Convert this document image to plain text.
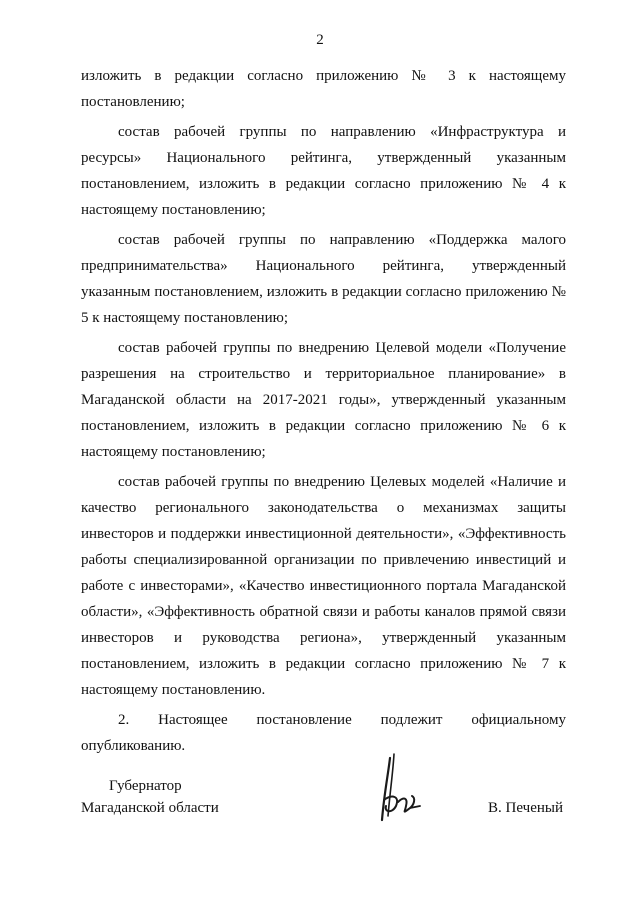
2

изложить в редакции согласно приложению № 3 к настоящему постановлению;

состав рабочей группы по направлению «Инфраструктура и ресурсы» Национального рейтинга, утвержденный указанным постановлением, изложить в редакции согласно приложению № 4 к настоящему постановлению;

состав рабочей группы по направлению «Поддержка малого предпринимательства» Национального рейтинга, утвержденный указанным постановлением, изложить в редакции согласно приложению № 5 к настоящему постановлению;

состав рабочей группы по внедрению Целевой модели «Получение разрешения на строительство и территориальное планирование» в Магаданской области на 2017-2021 годы», утвержденный указанным постановлением, изложить в редакции согласно приложению № 6 к настоящему постановлению;

состав рабочей группы по внедрению Целевых моделей «Наличие и качество регионального законодательства о механизмах защиты инвесторов и поддержки инвестиционной деятельности», «Эффективность работы специализированной организации по привлечению инвестиций и работе с инвесторами», «Качество инвестиционного портала Магаданской области», «Эффективность обратной связи и работы каналов прямой связи инвесторов и руководства региона», утвержденный указанным постановлением, изложить в редакции согласно приложению № 7 к настоящему постановлению.

2. Настоящее постановление подлежит официальному опубликованию.

Губернатор
Магаданской области	В. Печеный
